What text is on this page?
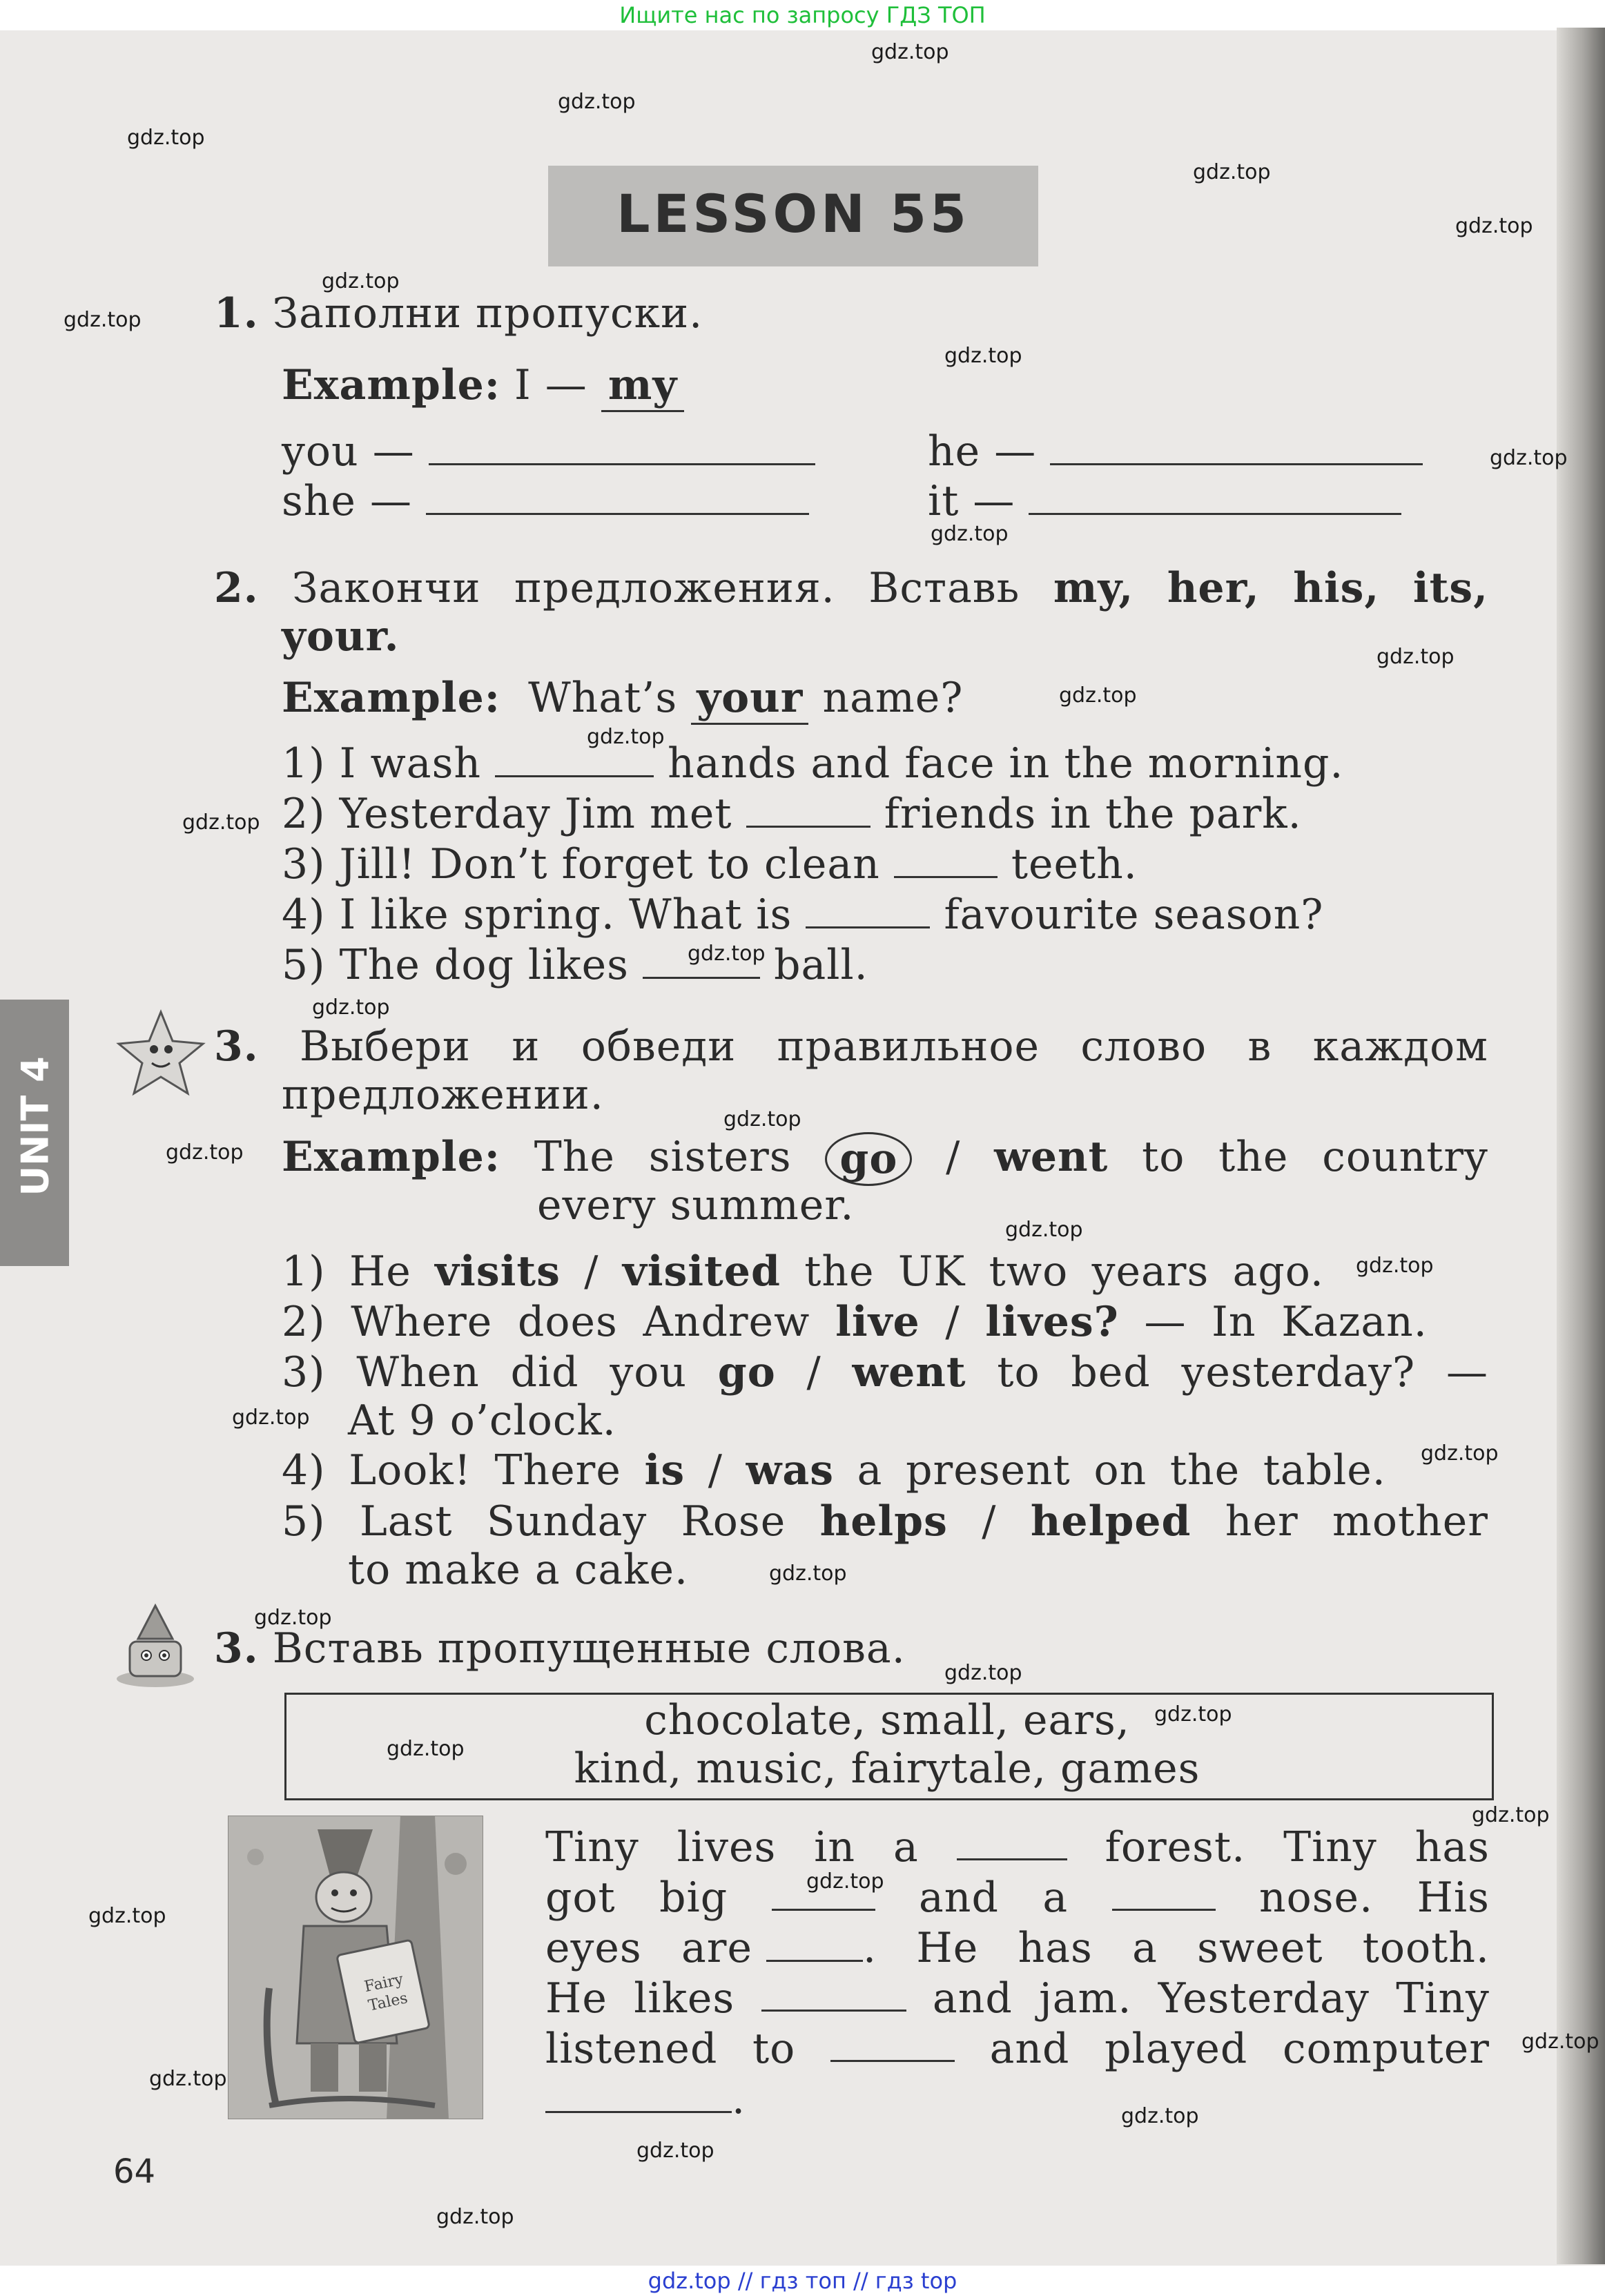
Ищите нас по запросу ГДЗ ТОП
LESSON 55
1. Заполни пропуски.
Example: I — my
you —	he —
she —	it —
2. Закончи предложения. Вставь my, her, his, its,
your.
Example: What’s your name?
1) I wash	hands and face in the morning.
2) Yesterday Jim met	friends in the park.
3) Jill! Don’t forget to clean	teeth.
4) I like spring. What is	favourite season?
5) The dog likes	ball.
UNIT 4
3. Выбери и обведи правильное слово в каждом
предложении.
Example: The sisters	go	/ went to the country
every summer.
1) He visits / visited the UK two years ago.
2) Where does Andrew live / lives? — In Kazan.
3) When did you go / went to bed yesterday? —
At 9 o’clock.
4) Look! There is / was a present on the table.
5) Last Sunday Rose helps / helped her mother
to make a cake.
3. Вставь пропущенные слова.
chocolate, small, ears,
kind, music, fairytale, games
Fairy
Tales
Tiny lives in a	forest. Tiny has
got big	and a	nose. His
eyes are	. He has a sweet tooth.
He likes	and jam. Yesterday Tiny
listened to	and played computer
.
64
gdz.top
gdz.top
gdz.top
gdz.top
gdz.top
gdz.top
gdz.top
gdz.top
gdz.top
gdz.top
gdz.top
gdz.top
gdz.top
gdz.top
gdz.top
gdz.top
gdz.top
gdz.top
gdz.top
gdz.top
gdz.top
gdz.top
gdz.top
gdz.top
gdz.top
gdz.top
gdz.top
gdz.top
gdz.top
gdz.top
gdz.top
gdz.top
gdz.top
gdz.top
gdz.top
gdz.top // гдз топ // гдз top
